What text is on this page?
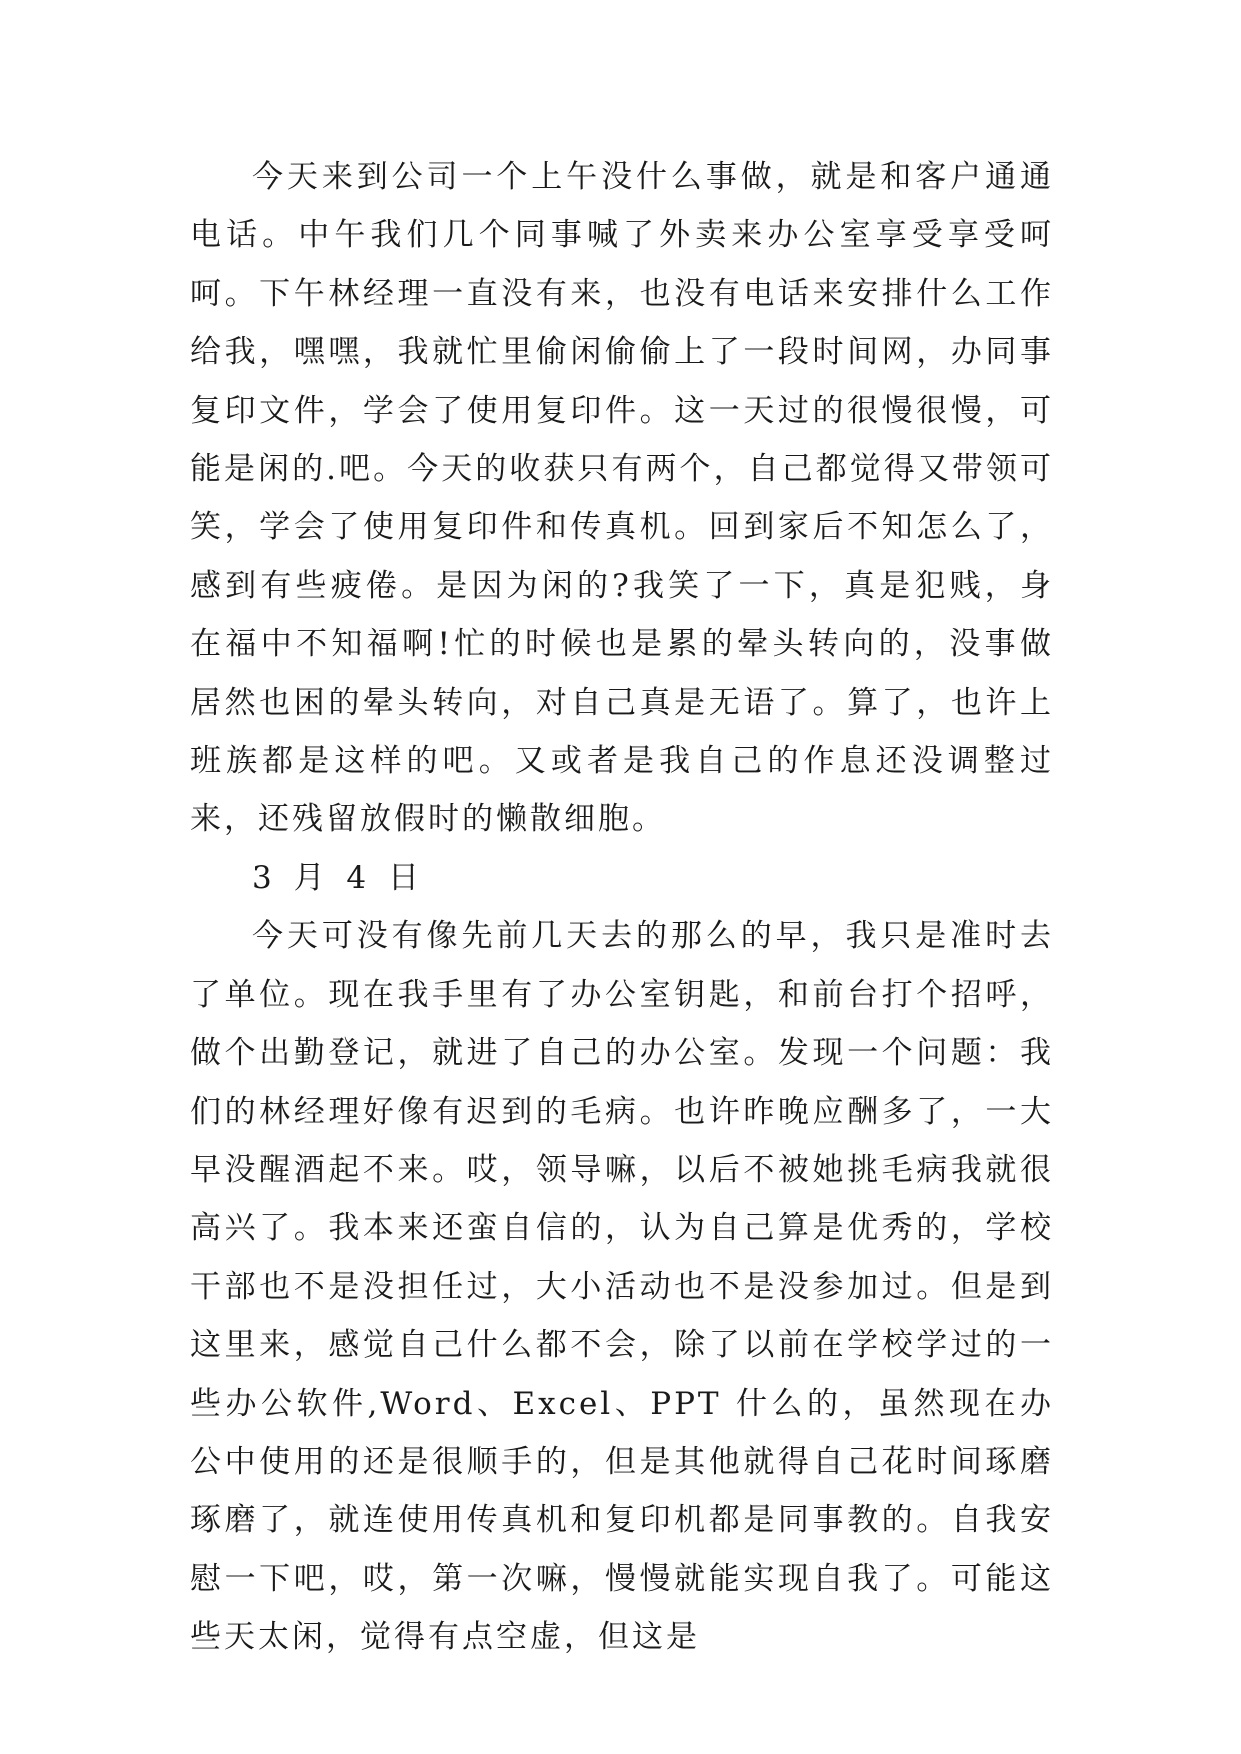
今天来到公司一个上午没什么事做，就是和客户通通电话。中午我们几个同事喊了外卖来办公室享受享受呵呵。下午林经理一直没有来，也没有电话来安排什么工作给我，嘿嘿，我就忙里偷闲偷偷上了一段时间网，办同事复印文件，学会了使用复印件。这一天过的很慢很慢，可能是闲的.吧。今天的收获只有两个，自己都觉得又带领可笑，学会了使用复印件和传真机。回到家后不知怎么了，感到有些疲倦。是因为闲的?我笑了一下，真是犯贱，身在福中不知福啊!忙的时候也是累的晕头转向的，没事做居然也困的晕头转向，对自己真是无语了。算了，也许上班族都是这样的吧。又或者是我自己的作息还没调整过来，还残留放假时的懒散细胞。

3 月 4 日

今天可没有像先前几天去的那么的早，我只是准时去了单位。现在我手里有了办公室钥匙，和前台打个招呼，做个出勤登记，就进了自己的办公室。发现一个问题：我们的林经理好像有迟到的毛病。也许昨晚应酬多了，一大早没醒酒起不来。哎，领导嘛，以后不被她挑毛病我就很高兴了。我本来还蛮自信的，认为自己算是优秀的，学校干部也不是没担任过，大小活动也不是没参加过。但是到这里来，感觉自己什么都不会，除了以前在学校学过的一些办公软件,Word、Excel、PPT 什么的，虽然现在办公中使用的还是很顺手的，但是其他就得自己花时间琢磨琢磨了，就连使用传真机和复印机都是同事教的。自我安慰一下吧，哎，第一次嘛，慢慢就能实现自我了。可能这些天太闲，觉得有点空虚，但这是
